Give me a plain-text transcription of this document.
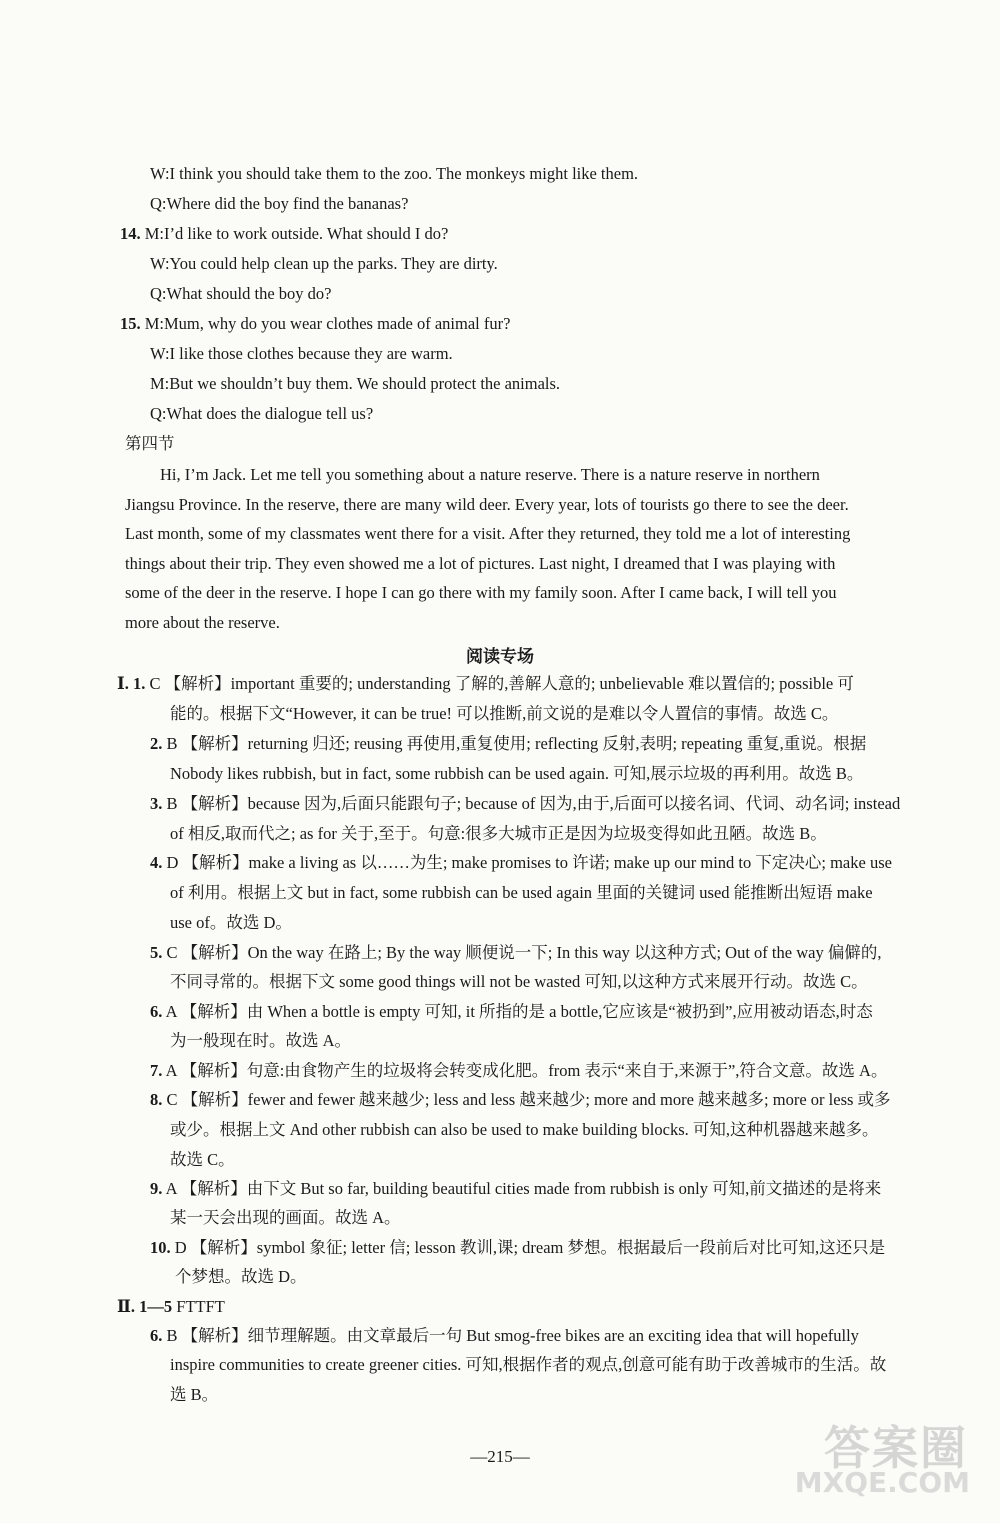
W:I think you should take them to the zoo. The monkeys might like them.
Q:Where did the boy find the bananas?
14. M:I’d like to work outside. What should I do?
W:You could help clean up the parks. They are dirty.
Q:What should the boy do?
15. M:Mum, why do you wear clothes made of animal fur?
W:I like those clothes because they are warm.
M:But we shouldn’t buy them. We should protect the animals.
Q:What does the dialogue tell us?
第四节
Hi, I’m Jack. Let me tell you something about a nature reserve. There is a nature reserve in northern
Jiangsu Province. In the reserve, there are many wild deer. Every year, lots of tourists go there to see the deer.
Last month, some of my classmates went there for a visit. After they returned, they told me a lot of interesting
things about their trip. They even showed me a lot of pictures. Last night, I dreamed that I was playing with
some of the deer in the reserve. I hope I can go there with my family soon. After I came back, I will tell you
more about the reserve.
Ⅰ. 1. C 【解析】important 重要的; understanding 了解的,善解人意的; unbelievable 难以置信的; possible 可
能的。根据下文“However, it can be true! 可以推断,前文说的是难以令人置信的事情。故选 C。
2. B 【解析】returning 归还; reusing 再使用,重复使用; reflecting 反射,表明; repeating 重复,重说。根据
Nobody likes rubbish, but in fact, some rubbish can be used again. 可知,展示垃圾的再利用。故选 B。
3. B 【解析】because 因为,后面只能跟句子; because of 因为,由于,后面可以接名词、代词、动名词; instead
of 相反,取而代之; as for 关于,至于。句意:很多大城市正是因为垃圾变得如此丑陋。故选 B。
4. D 【解析】make a living as 以……为生; make promises to 许诺; make up our mind to 下定决心; make use
of 利用。根据上文 but in fact, some rubbish can be used again 里面的关键词 used 能推断出短语 make
use of。故选 D。
5. C 【解析】On the way 在路上; By the way 顺便说一下; In this way 以这种方式; Out of the way 偏僻的,
不同寻常的。根据下文 some good things will not be wasted 可知,以这种方式来展开行动。故选 C。
6. A 【解析】由 When a bottle is empty 可知, it 所指的是 a bottle,它应该是“被扔到”,应用被动语态,时态
为一般现在时。故选 A。
7. A 【解析】句意:由食物产生的垃圾将会转变成化肥。from 表示“来自于,来源于”,符合文意。故选 A。
8. C 【解析】fewer and fewer 越来越少; less and less 越来越少; more and more 越来越多; more or less 或多
或少。根据上文 And other rubbish can also be used to make building blocks. 可知,这种机器越来越多。
故选 C。
9. A 【解析】由下文 But so far, building beautiful cities made from rubbish is only 可知,前文描述的是将来
某一天会出现的画面。故选 A。
10. D 【解析】symbol 象征; letter 信; lesson 教训,课; dream 梦想。根据最后一段前后对比可知,这还只是
个梦想。故选 D。
Ⅱ. 1—5 FTTFT
6. B 【解析】细节理解题。由文章最后一句 But smog-free bikes are an exciting idea that will hopefully
inspire communities to create greener cities. 可知,根据作者的观点,创意可能有助于改善城市的生活。故
选 B。
阅读专场
—215—	答案圈
MXQE.COM
